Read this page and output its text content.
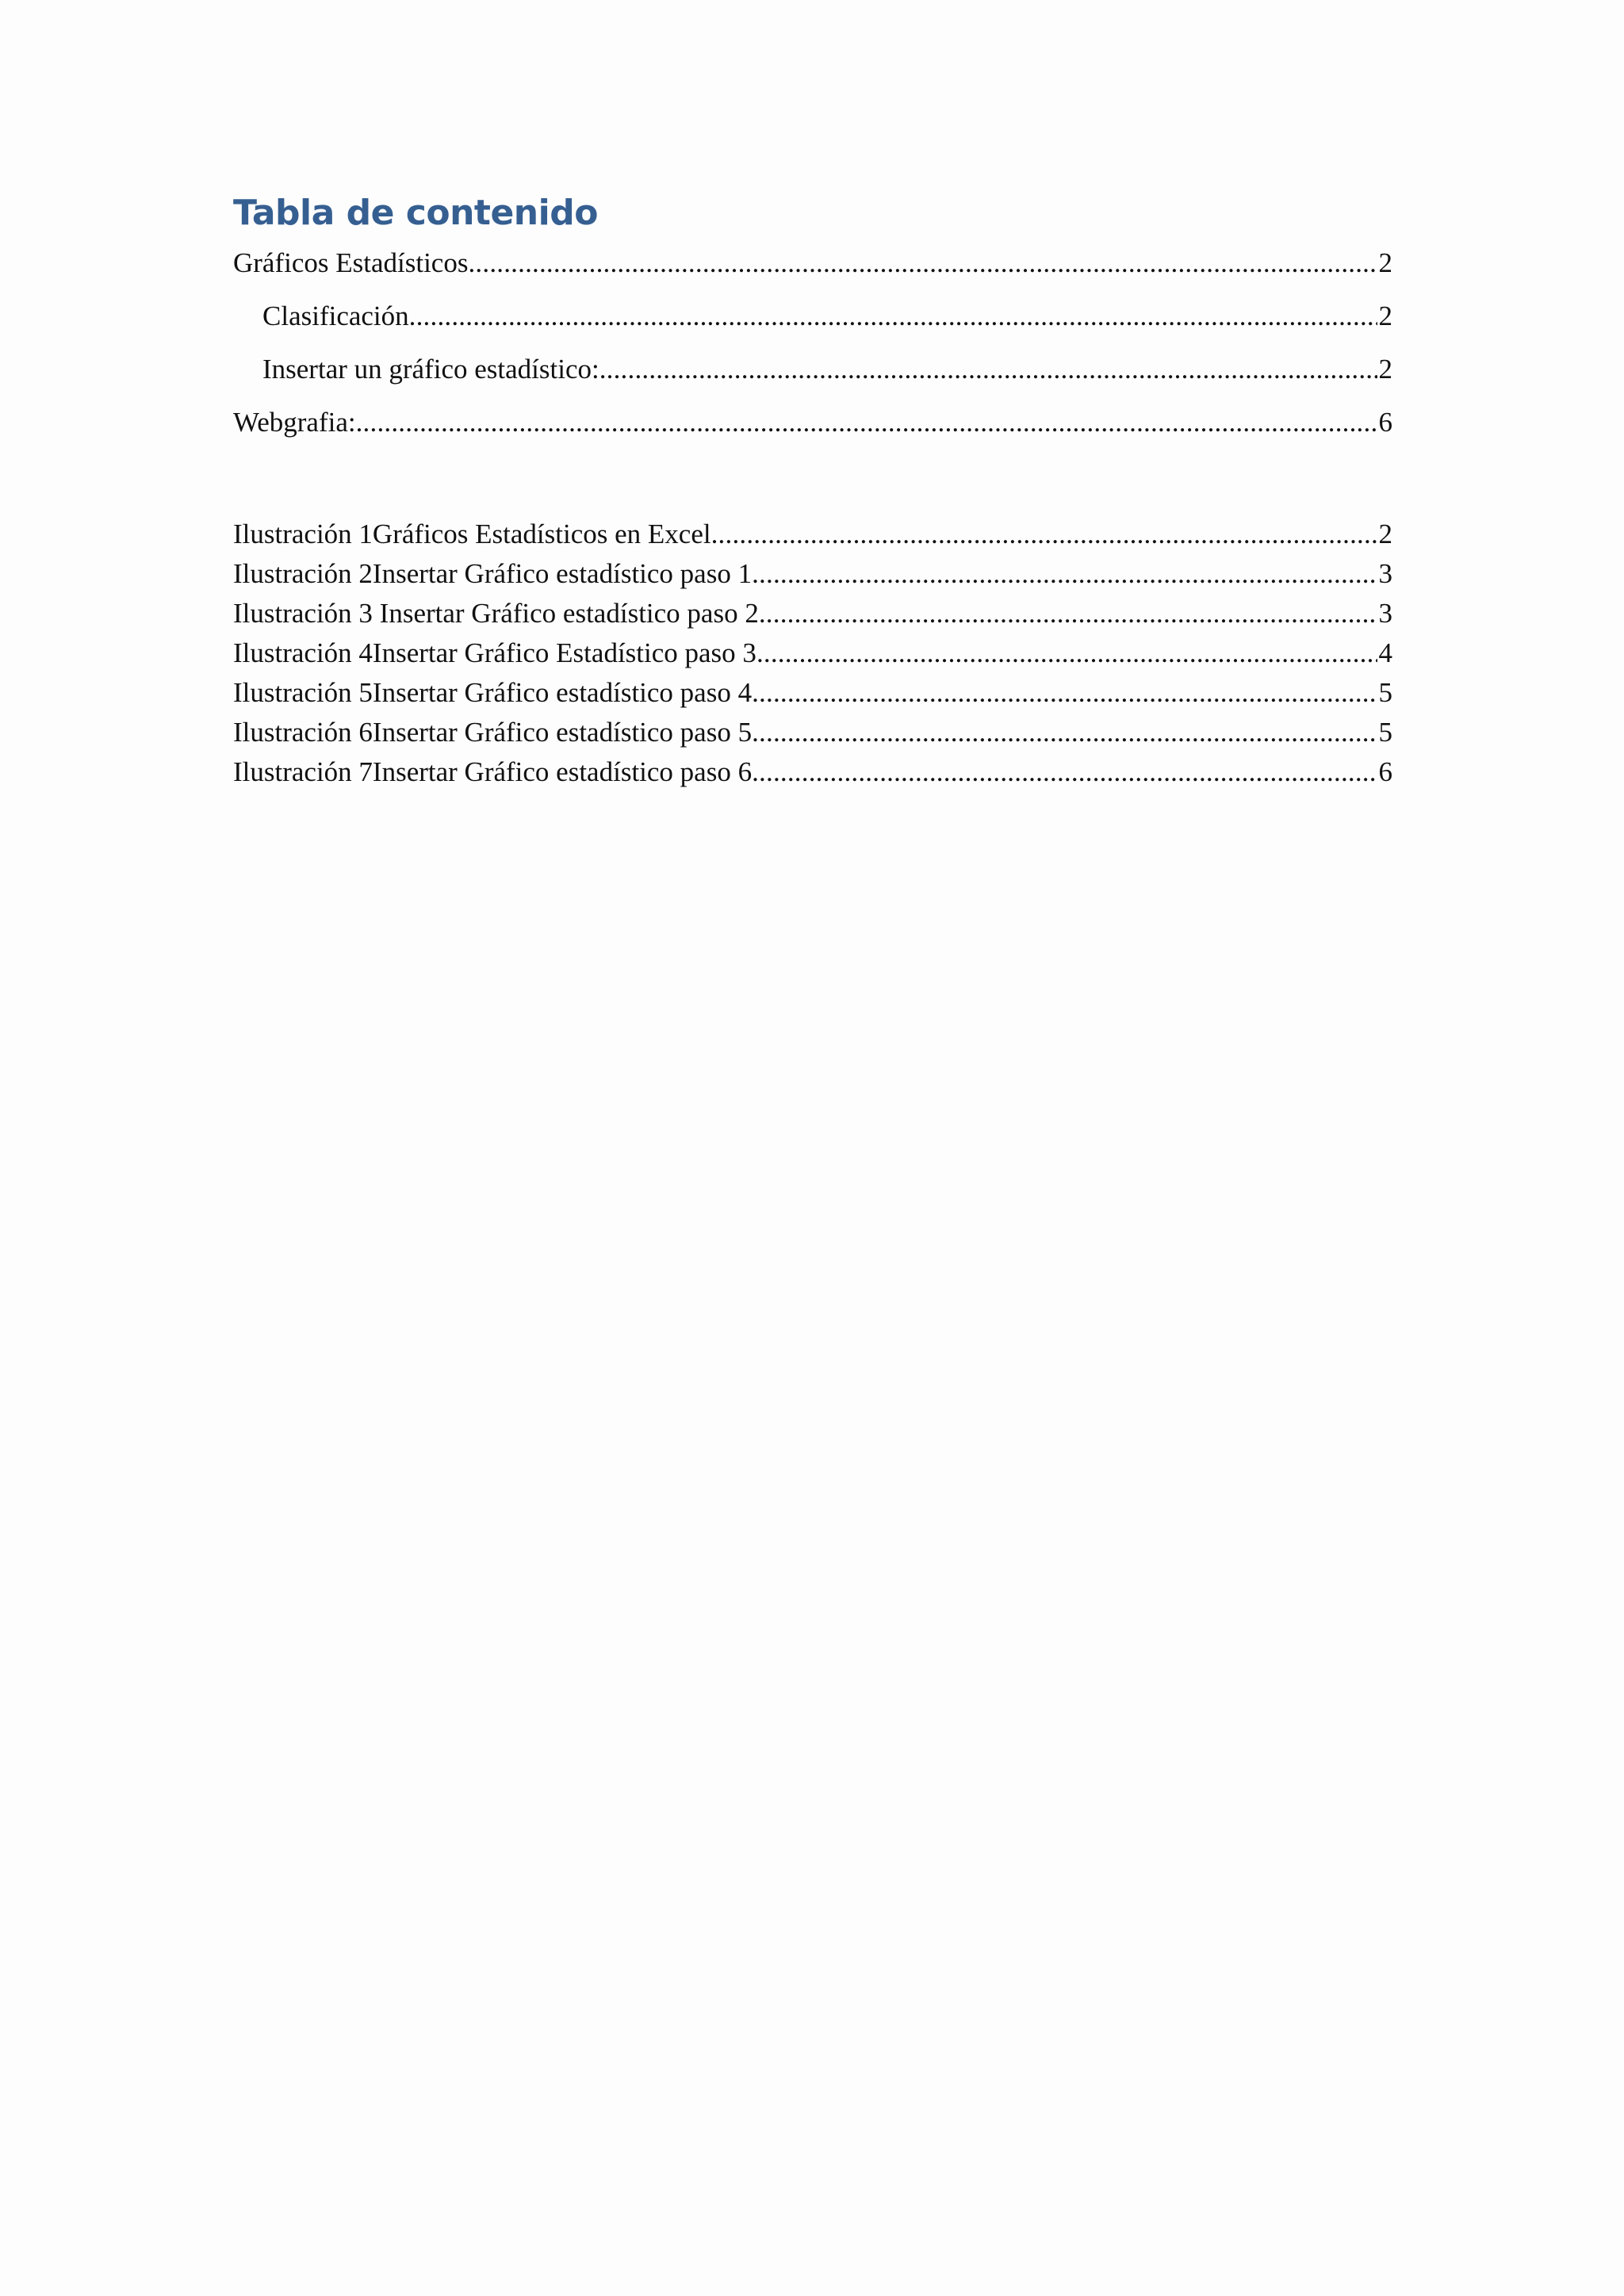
Tabla de contenido
Gráficos Estadísticos .....	2
Clasificación .....	2
Insertar un gráfico estadístico: .....	2
Webgrafia: .....	6
Ilustración 1Gráficos Estadísticos en Excel .....	2
Ilustración 2Insertar Gráfico estadístico paso 1 .....	3
Ilustración 3 Insertar Gráfico estadístico paso 2 .....	3
Ilustración 4Insertar Gráfico Estadístico paso 3 .....	4
Ilustración 5Insertar Gráfico estadístico paso 4 .....	5
Ilustración 6Insertar Gráfico estadístico paso 5 .....	5
Ilustración 7Insertar Gráfico estadístico paso 6 .....	6
